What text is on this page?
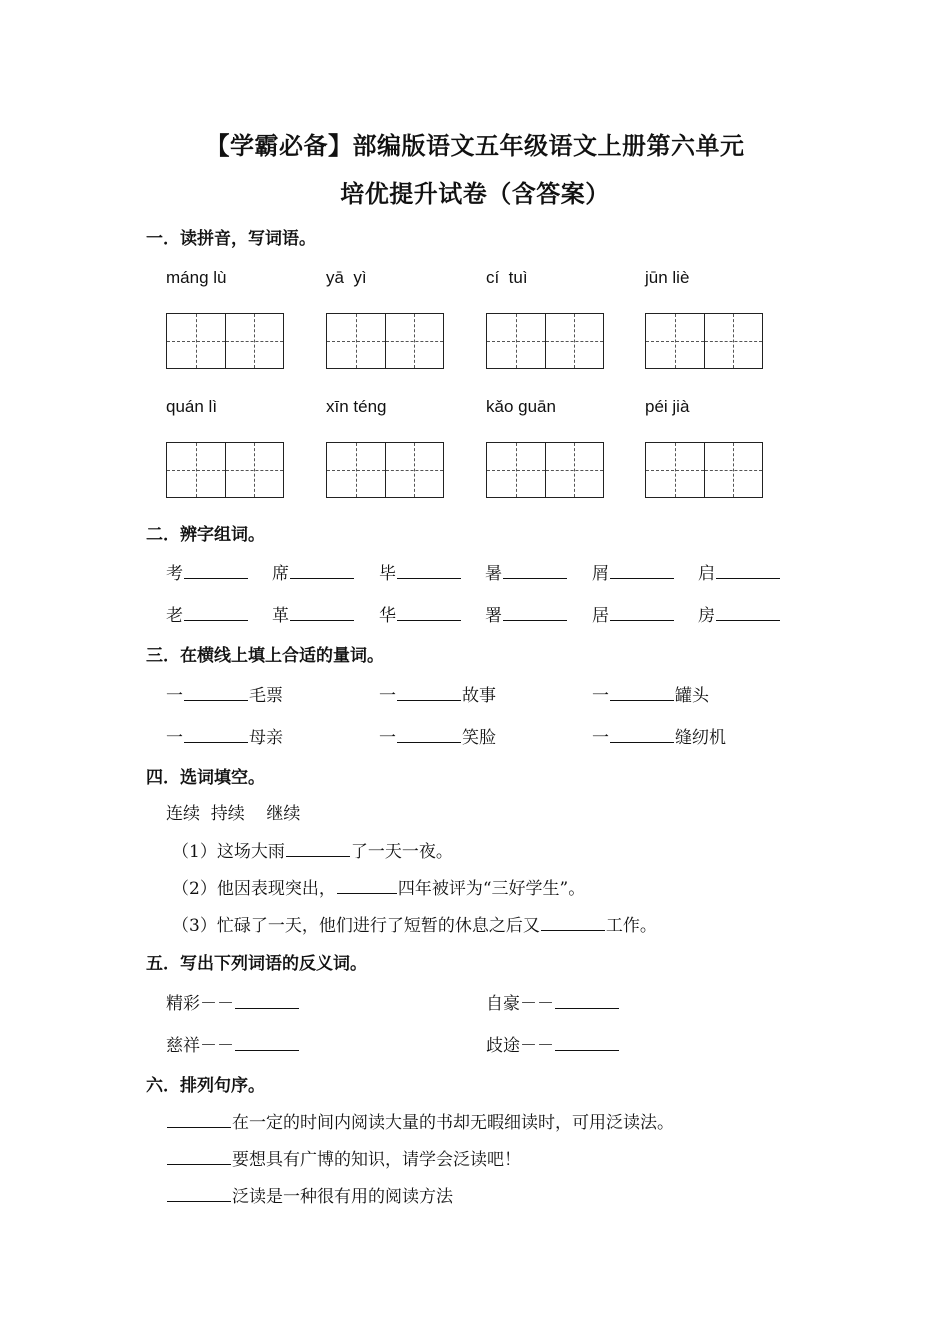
【学霸必备】部编版语文五年级语文上册第六单元
培优提升试卷（含答案）
一．读拼音，写词语。
máng lù	yā  yì	cí  tuì	jūn liè
quán lì	xīn téng	kǎo guān	péi jià
二．辨字组词。
考	席	毕	暑	屑	启
老	革	华	署	居	房
三．在横线上填上合适的量词。
一	毛票	一	故事	一	罐头
一	母亲	一	笑脸	一	缝纫机
四．选词填空。
连续  持续    继续
（1）这场大雨	了一天一夜。
（2）他因表现突出，	四年被评为“三好学生”。
（3）忙碌了一天，他们进行了短暂的休息之后又	工作。
五．写出下列词语的反义词。
精彩－－	自豪－－
慈祥－－	歧途－－
六．排列句序。
在一定的时间内阅读大量的书却无暇细读时，可用泛读法。
要想具有广博的知识，请学会泛读吧！
泛读是一种很有用的阅读方法
